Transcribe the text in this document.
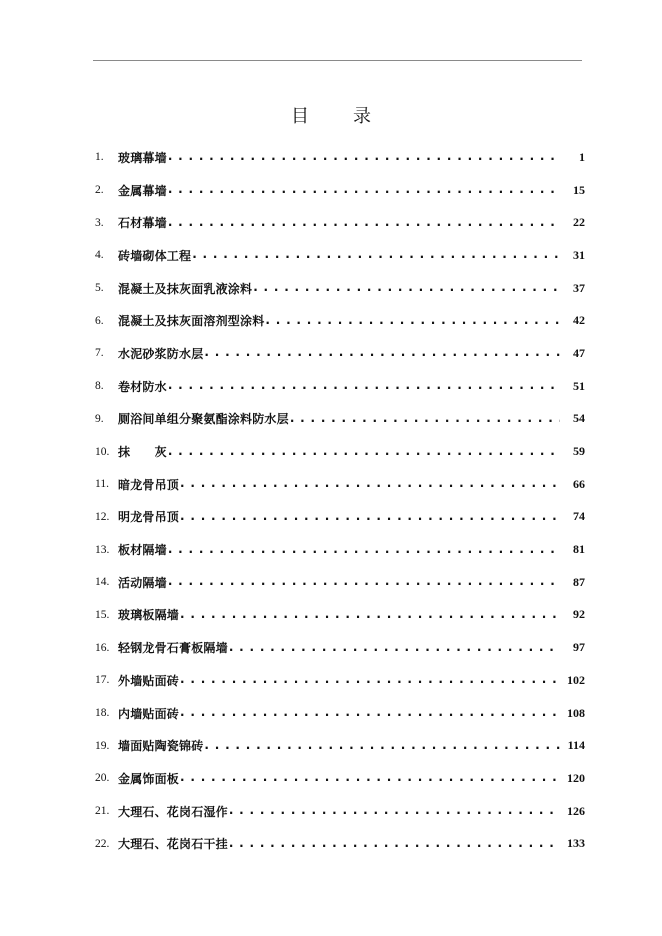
目 录
1.	玻璃幕墙 . . .	1
2.	金属幕墙 . . .	15
3.	石材幕墙 . . .	22
4.	砖墙砌体工程 . . .	31
5.	混凝土及抹灰面乳液涂料 . . .	37
6.	混凝土及抹灰面溶剂型涂料 . . .	42
7.	水泥砂浆防水层 . . .	47
8.	卷材防水 . . .	51
9.	厕浴间单组分聚氨酯涂料防水层 . . .	54
10. 抹　　灰 . . .	59
11. 暗龙骨吊顶 . . .	66
12. 明龙骨吊顶 . . .	74
13. 板材隔墙 . . .	81
14. 活动隔墙 . . .	87
15. 玻璃板隔墙 . . .	92
16. 轻钢龙骨石膏板隔墙 . . .	97
17. 外墙贴面砖 . . .	102
18. 内墙贴面砖 . . .	108
19. 墙面贴陶瓷锦砖 . . .	114
20. 金属饰面板 . . .	120
21. 大理石、花岗石湿作 . . .	126
22. 大理石、花岗石干挂 . . .	133
